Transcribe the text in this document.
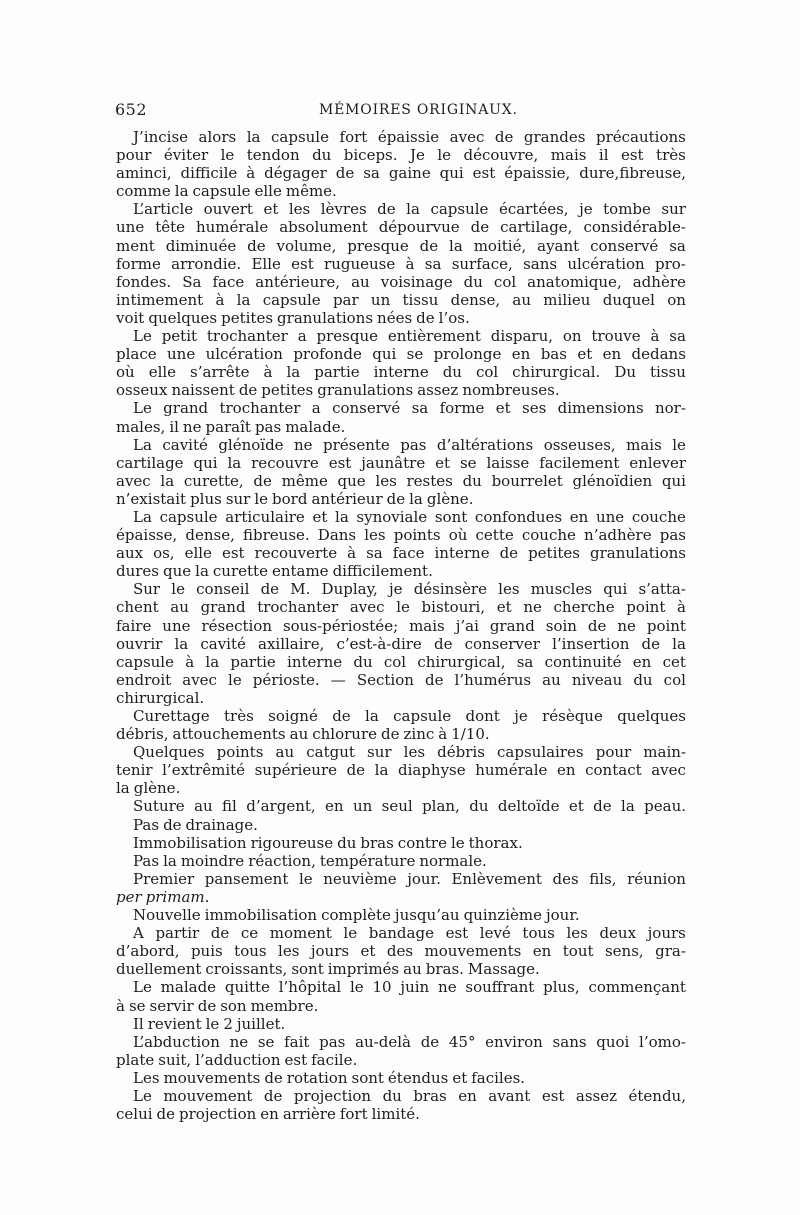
652	MÉMOIRES ORIGINAUX.
J’incise alors la capsule fort épaissie avec de grandes précautions
pour éviter le tendon du biceps. Je le découvre, mais il est très
aminci, difficile à dégager de sa gaine qui est épaissie, dure,fibreuse,
comme la capsule elle même.
L’article ouvert et les lèvres de la capsule écartées, je tombe sur
une tête humérale absolument dépourvue de cartilage, considérable-
ment diminuée de volume, presque de la moitié, ayant conservé sa
forme arrondie. Elle est rugueuse à sa surface, sans ulcération pro-
fondes. Sa face antérieure, au voisinage du col anatomique, adhère
intimement à la capsule par un tissu dense, au milieu duquel on
voit quelques petites granulations nées de l’os.
Le petit trochanter a presque entièrement disparu, on trouve à sa
place une ulcération profonde qui se prolonge en bas et en dedans
où elle s’arrête à la partie interne du col chirurgical. Du tissu
osseux naissent de petites granulations assez nombreuses.
Le grand trochanter a conservé sa forme et ses dimensions nor-
males, il ne paraît pas malade.
La cavité glénoïde ne présente pas d’altérations osseuses, mais le
cartilage qui la recouvre est jaunâtre et se laisse facilement enlever
avec la curette, de même que les restes du bourrelet glénoïdien qui
n’existait plus sur le bord antérieur de la glène.
La capsule articulaire et la synoviale sont confondues en une couche
épaisse, dense, fibreuse. Dans les points où cette couche n’adhère pas
aux os, elle est recouverte à sa face interne de petites granulations
dures que la curette entame difficilement.
Sur le conseil de M. Duplay, je désinsère les muscles qui s’atta-
chent au grand trochanter avec le bistouri, et ne cherche point à
faire une résection sous-périostée; mais j’ai grand soin de ne point
ouvrir la cavité axillaire, c’est-à-dire de conserver l’insertion de la
capsule à la partie interne du col chirurgical, sa continuité en cet
endroit avec le périoste. — Section de l’humérus au niveau du col
chirurgical.
Curettage très soigné de la capsule dont je résèque quelques
débris, attouchements au chlorure de zinc à 1/10.
Quelques points au catgut sur les débris capsulaires pour main-
tenir l’extrêmité supérieure de la diaphyse humérale en contact avec
la glène.
Suture au fil d’argent, en un seul plan, du deltoïde et de la peau.
Pas de drainage.
Immobilisation rigoureuse du bras contre le thorax.
Pas la moindre réaction, température normale.
Premier pansement le neuvième jour. Enlèvement des fils, réunion
per primam.
Nouvelle immobilisation complète jusqu’au quinzième jour.
A partir de ce moment le bandage est levé tous les deux jours
d’abord, puis tous les jours et des mouvements en tout sens, gra-
duellement croissants, sont imprimés au bras. Massage.
Le malade quitte l’hôpital le 10 juin ne souffrant plus, commençant
à se servir de son membre.
Il revient le 2 juillet.
L’abduction ne se fait pas au-delà de 45° environ sans quoi l’omo-
plate suit, l’adduction est facile.
Les mouvements de rotation sont étendus et faciles.
Le mouvement de projection du bras en avant est assez étendu,
celui de projection en arrière fort limité.
